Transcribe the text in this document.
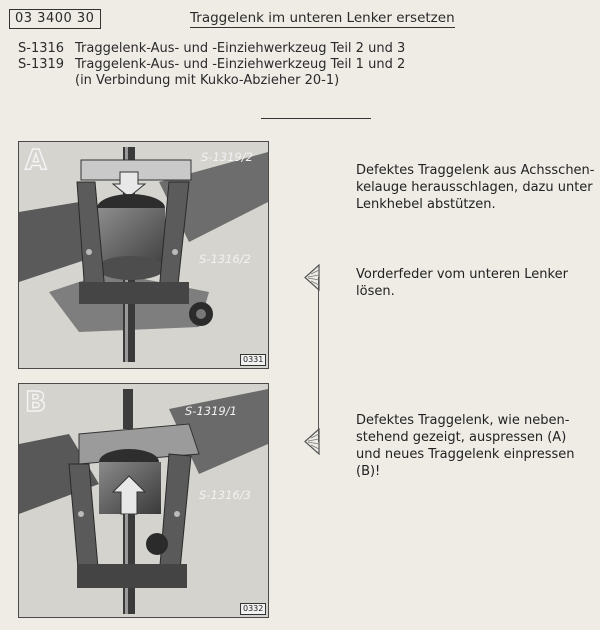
03 3400 30	Traggelenk im unteren Lenker ersetzen
S-1316 Traggelenk-Aus- und -Einziehwerkzeug Teil 2 und 3
S-1319 Traggelenk-Aus- und -Einziehwerkzeug Teil 1 und 2
(in Verbindung mit Kukko-Abzieher 20-1)
A	S-1319/2
S-1316/2
0331
B	S-1319/1
S-1316/3
0332

Defektes Traggelenk aus Achsschen-

kelauge herausschlagen, dazu unter

Lenkhebel abstützen.

Vorderfeder vom unteren Lenker

lösen.

Defektes Traggelenk, wie neben-

stehend gezeigt, auspressen (A)

und neues Traggelenk einpressen

(B)!
